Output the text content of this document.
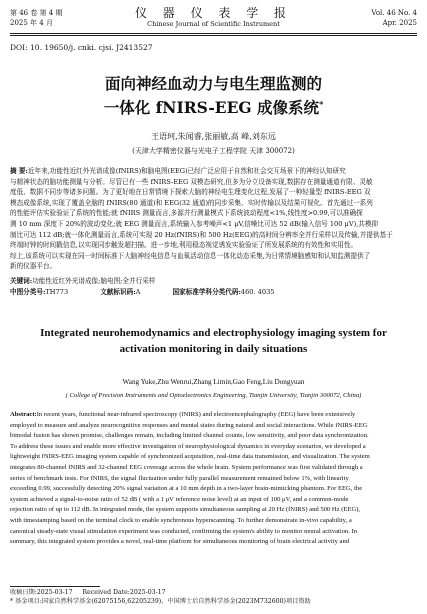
第 46 卷 第 4 期
2025 年 4 月
仪 器 仪 表 学 报
Chinese Journal of Scientific Instrument
Vol. 46 No. 4
Apr. 2025
DOI: 10. 19650/j. cnki. cjsi. J2413527
面向神经血动力与电生理监测的
一体化 fNIRS-EEG 成像系统*
王语珂,朱闻睿,张丽敏,高 峰,刘东远
(天津大学精密仪器与光电子工程学院 天津 300072)
摘 要:近年来,功能性近红外光谱成像(fNIRS)和脑电图(EEG)已经广泛应用于自然和社会交互场景下的神经认知研究
与精神状态的脑功能测量与分析。尽管已有一些 fNIRS-EEG 双模态研究,但多为分立设备实现,数据存在测量通道有限、灵敏
度低、数据不同步等诸多问题。为了更好地在日常情境下探索大脑的神经电生理变化过程,发展了一种轻量型 fNIRS-EEG 双
模态成像系统,实现了覆盖全脑的 fNIRS(80 通道)和 EEG(32 通道)的同步采集、实时传输以及结果可视化。首先通过一系列
的性能评估实验验证了系统的性能;就 fNIRS 测量而言,多源并行测量模式下系统波动程度<1%,线性度>0.99,可以准确探
测 10 mm 深度下 20%的波动变化;就 EEG 测量而言,系统输入参考噪声<1 μV,信噪比可达 52 dB(输入信号 100 μV),共模抑
制比可达 112 dB;就一体化测量而言,系统可实现 20 Hz(fNIRS)和 500 Hz(EEG)的高时间分辨率全并行采样以及传输,并提供基于
终端时钟的时间戳信息,以实现同步触发超扫描。进一步地,利用稳态视觉诱发实验验证了所发展系统的有效性和实用性。
综上,该系统可以实现在同一时间标准下大脑神经电信息与血氧活动信息一体化动态采集,为日常情境脑感知和认知监测提供了
新的仪器平台。
关键词:功能性近红外光谱成像;脑电图;全并行采样
中图分类号:TH773	文献标识码:A	国家标准学科分类代码:460. 4035
Integrated neurohemodynamics and electrophysiology imaging system for
activation monitoring in daily situations
Wang Yuke,Zhu Wenrui,Zhang Limin,Gao Feng,Liu Dongyuan
( College of Precision Instruments and Optoelectronics Engineering, Tianjin University, Tianjin 300072, China)
Abstract:In recent years, functional near-infrared spectroscopy (fNIRS) and electroencephalography (EEG) have been extensively
employed to measure and analyze neurocognitive responses and mental states during natural and social interactions. While fNIRS-EEG
bimodal fusion has shown promise, challenges remain, including limited channel counts, low sensitivity, and poor data synchronization.
To address these issues and enable more effective investigation of neurophysiological dynamics in everyday scenarios, we developed a
lightweight fNIRS-EEG imaging system capable of synchronized acquisition, real-time data transmission, and visualization. The system
integrates 80-channel fNIRS and 32-channel EEG coverage across the whole brain. System performance was first validated through a
series of benchmark tests. For fNIRS, the signal fluctuation under fully parallel measurement remained below 1%, with linearity
exceeding 0.99, successfully detecting 20% signal variation at a 10 mm depth in a two-layer brain-mimicking phantom. For EEG, the
system achieved a signal-to-noise ratio of 52 dB ( with a 1 μV reference noise level) at an input of 100 μV, and a common-mode
rejection ratio of up to 112 dB. In integrated mode, the system supports simultaneous sampling at 20 Hz (fNIRS) and 500 Hz (EEG),
with timestamping based on the terminal clock to enable synchronous hyperscanning. To further demonstrate in-vivo capability, a
canonical steady-state visual stimulation experiment was conducted, confirming the system's ability to monitor neural activation. In
summary, this integrated system provides a novel, real-time platform for simultaneous monitoring of brain electrical activity and
收稿日期:2025-03-17 Received Date:2025-03-17
* 基金项目:国家自然科学基金(62075156,62205239)、中国博士后自然科学基金(2023M732600)项目资助
